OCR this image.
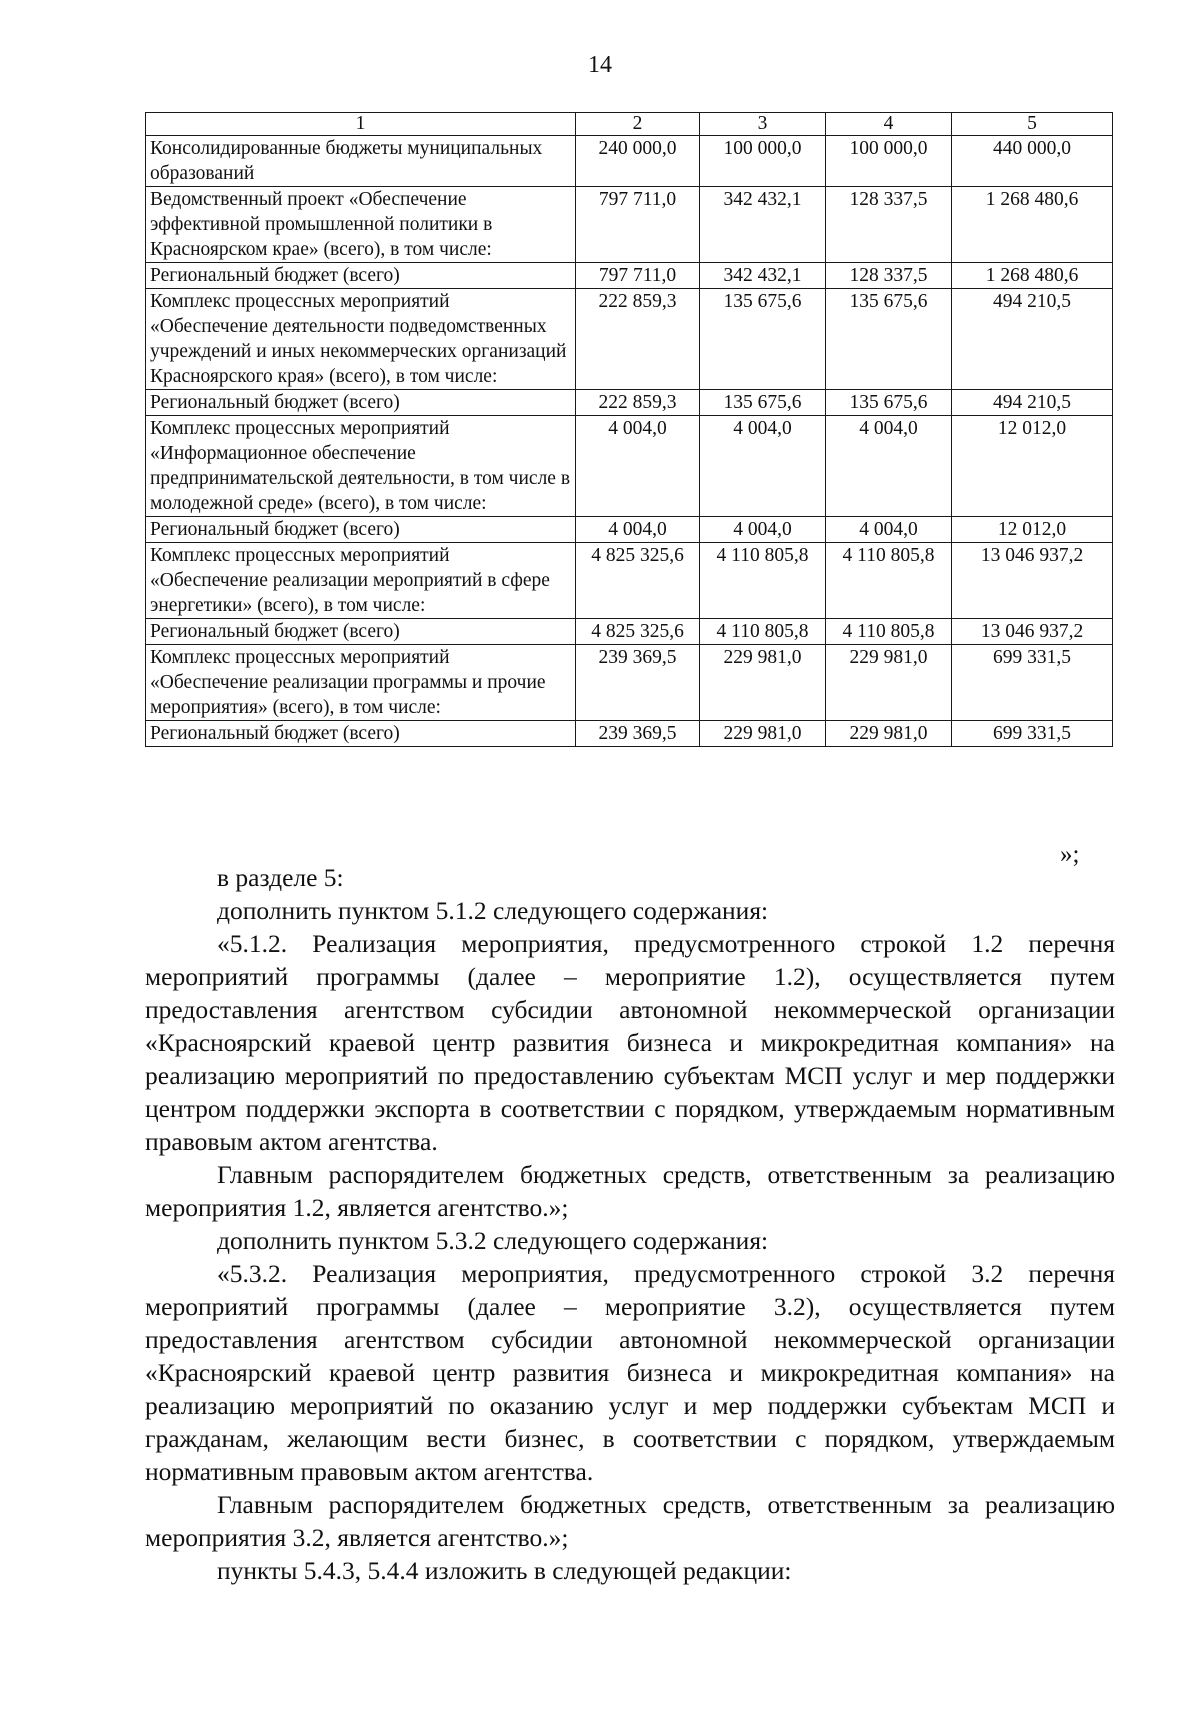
14
1	2	3	4	5
Консолидированные бюджеты муниципальных образований	240 000,0	100 000,0	100 000,0	440 000,0
Ведомственный проект «Обеспечение эффективной промышленной политики в Красноярском крае» (всего), в том числе:	797 711,0	342 432,1	128 337,5	1 268 480,6
Региональный бюджет (всего)	797 711,0	342 432,1	128 337,5	1 268 480,6
Комплекс процессных мероприятий «Обеспечение деятельности подведомственных учреждений и иных некоммерческих организаций Красноярского края» (всего), в том числе:	222 859,3	135 675,6	135 675,6	494 210,5
Региональный бюджет (всего)	222 859,3	135 675,6	135 675,6	494 210,5
Комплекс процессных мероприятий «Информационное обеспечение предпринимательской деятельности, в том числе в молодежной среде» (всего), в том числе:	4 004,0	4 004,0	4 004,0	12 012,0
Региональный бюджет (всего)	4 004,0	4 004,0	4 004,0	12 012,0
Комплекс процессных мероприятий «Обеспечение реализации мероприятий в сфере энергетики» (всего), в том числе:	4 825 325,6	4 110 805,8	4 110 805,8	13 046 937,2
Региональный бюджет (всего)	4 825 325,6	4 110 805,8	4 110 805,8	13 046 937,2
Комплекс процессных мероприятий «Обеспечение реализации программы и прочие мероприятия» (всего), в том числе:	239 369,5	229 981,0	229 981,0	699 331,5
Региональный бюджет (всего)	239 369,5	229 981,0	229 981,0	699 331,5
»;

в разделе 5:

дополнить пунктом 5.1.2 следующего содержания:

«5.1.2. Реализация мероприятия, предусмотренного строкой 1.2 перечня мероприятий программы (далее – мероприятие 1.2), осуществляется путем предоставления агентством субсидии автономной некоммерческой организации «Красноярский краевой центр развития бизнеса и микрокредитная компания» на реализацию мероприятий по предоставлению субъектам МСП услуг и мер поддержки центром поддержки экспорта в соответствии с порядком, утверждаемым нормативным правовым актом агентства.

Главным распорядителем бюджетных средств, ответственным за реализацию мероприятия 1.2, является агентство.»;

дополнить пунктом 5.3.2 следующего содержания:

«5.3.2. Реализация мероприятия, предусмотренного строкой 3.2 перечня мероприятий программы (далее – мероприятие 3.2), осуществляется путем предоставления агентством субсидии автономной некоммерческой организации «Красноярский краевой центр развития бизнеса и микрокредитная компания» на реализацию мероприятий по оказанию услуг и мер поддержки субъектам МСП и гражданам, желающим вести бизнес, в соответствии с порядком, утверждаемым нормативным правовым актом агентства.

Главным распорядителем бюджетных средств, ответственным за реализацию мероприятия 3.2, является агентство.»;

пункты 5.4.3, 5.4.4 изложить в следующей редакции:
